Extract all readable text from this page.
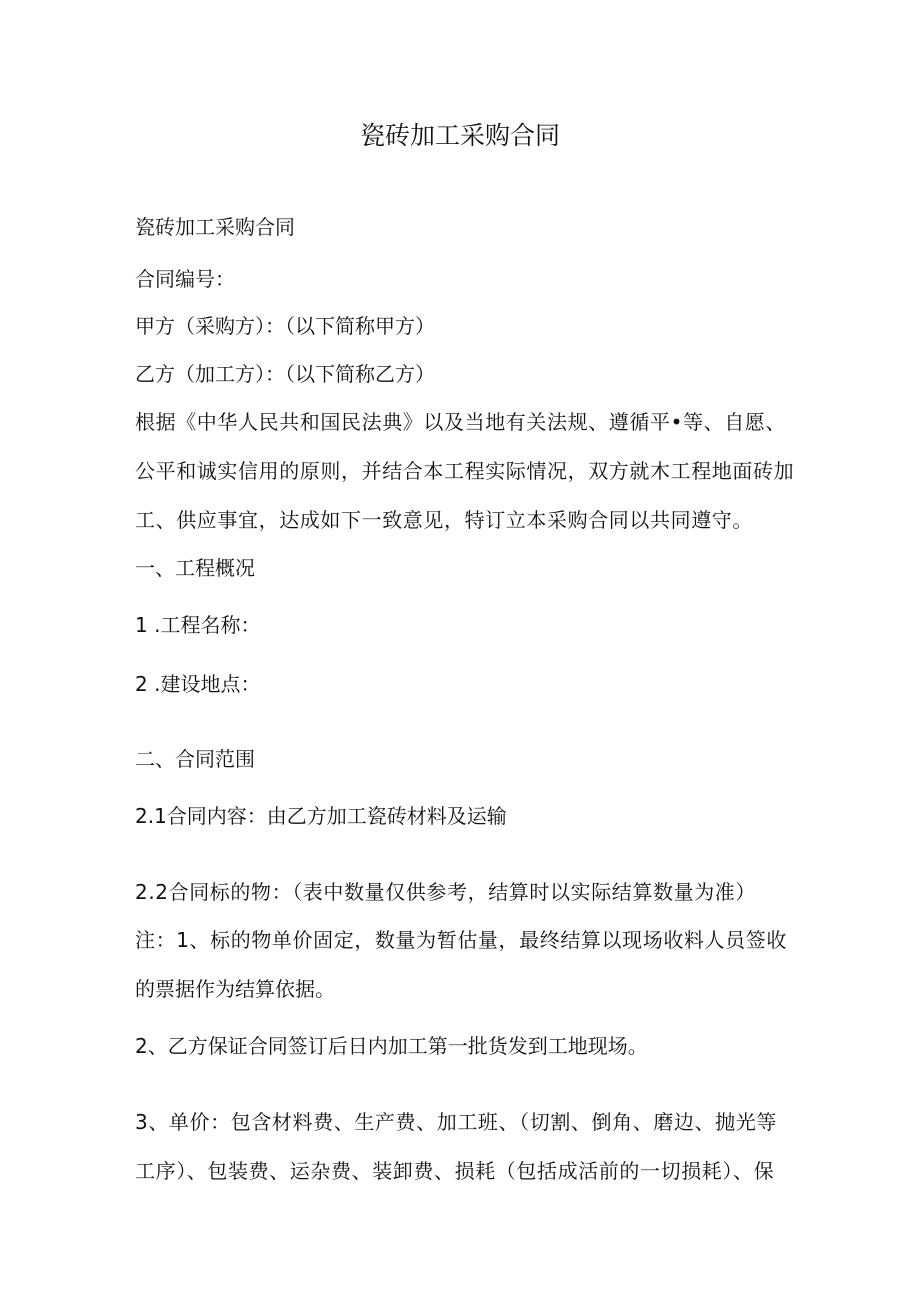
瓷砖加工采购合同
瓷砖加工采购合同
合同编号：
甲方（采购方）：（以下简称甲方）
乙方（加工方）：（以下简称乙方）
根据《中华人民共和国民法典》以及当地有关法规、遵循平•等、自愿、
公平和诚实信用的原则，并结合本工程实际情况，双方就木工程地面砖加
工、供应事宜，达成如下一致意见，特订立本采购合同以共同遵守。
一、工程概况
1 .工程名称：
2 .建设地点：
二、合同范围
2.1合同内容：由乙方加工瓷砖材料及运输
2.2合同标的物：（表中数量仅供参考，结算时以实际结算数量为准）
注：1、标的物单价固定，数量为暂估量，最终结算以现场收料人员签收
的票据作为结算依据。
2、乙方保证合同签订后日内加工第一批货发到工地现场。
3、单价：包含材料费、生产费、加工班、（切割、倒角、磨边、抛光等
工序）、包装费、运杂费、装卸费、损耗（包括成活前的一切损耗）、保
